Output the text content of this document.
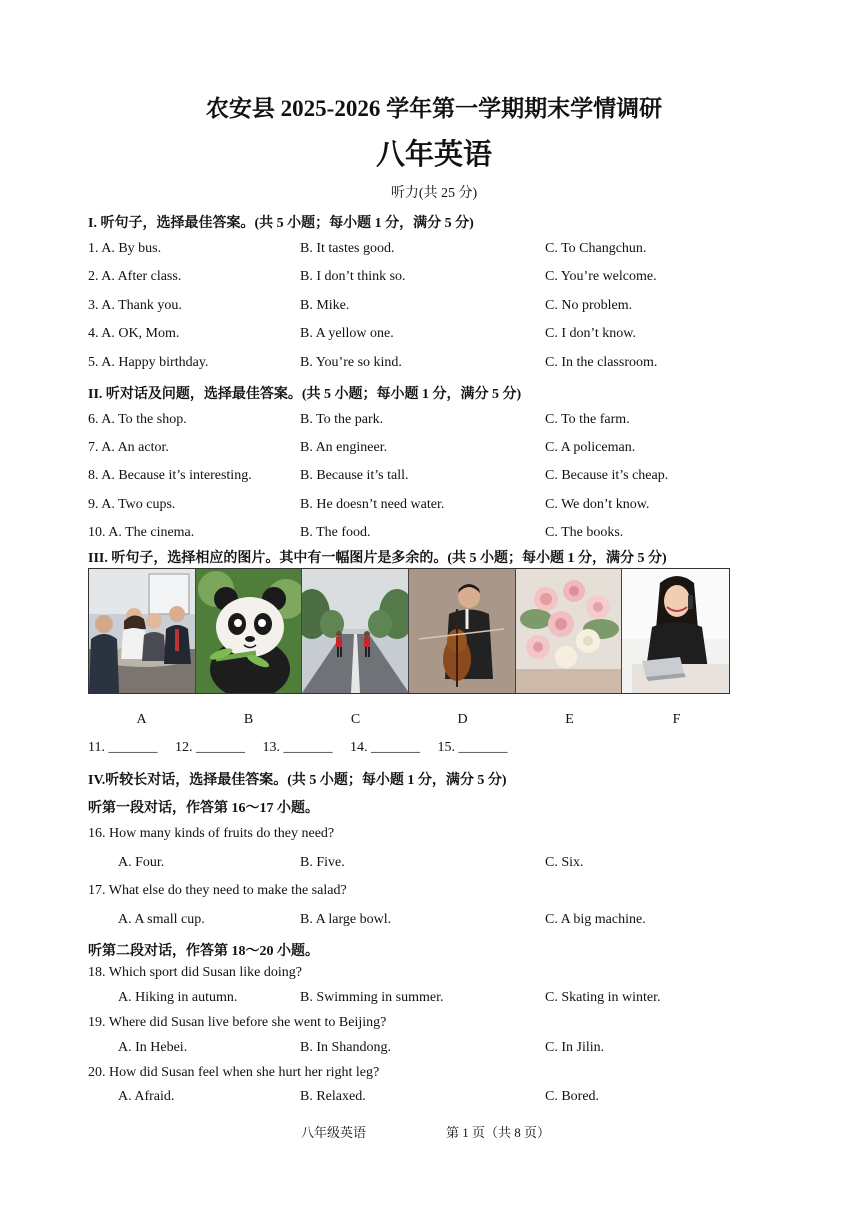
农安县 2025-2026 学年第一学期期末学情调研
八年英语
听力(共 25 分)
I. 听句子，选择最佳答案。(共 5 小题；每小题 1 分，满分 5 分)
1. A. By bus.	B. It tastes good.	C. To Changchun.
2. A. After class.	B. I don’t think so.	C. You’re welcome.
3. A. Thank you.	B. Mike.	C. No problem.
4. A. OK, Mom.	B. A yellow one.	C. I don’t know.
5. A. Happy birthday.	B. You’re so kind.	C. In the classroom.
II. 听对话及问题，选择最佳答案。(共 5 小题；每小题 1 分，满分 5 分)
6. A. To the shop.	B. To the park.	C. To the farm.
7. A. An actor.	B. An engineer.	C. A policeman.
8. A. Because it’s interesting.	B. Because it’s tall.	C. Because it’s cheap.
9. A. Two cups.	B. He doesn’t need water.	C. We don’t know.
10. A. The cinema.	B. The food.	C. The books.
III. 听句子，选择相应的图片。其中有一幅图片是多余的。(共 5 小题；每小题 1 分，满分 5 分)
A	B	C	D	E	F
11. _______ 12. _______ 13. _______ 14. _______ 15. _______
IV.听较长对话，选择最佳答案。(共 5 小题；每小题 1 分，满分 5 分)
听第一段对话，作答第 16～17 小题。
16. How many kinds of fruits do they need?
A. Four.	B. Five.	C. Six.
17. What else do they need to make the salad?
A. A small cup.	B. A large bowl.	C. A big machine.
听第二段对话，作答第 18～20 小题。
18. Which sport did Susan like doing?
A. Hiking in autumn.	B. Swimming in summer.	C. Skating in winter.
19. Where did Susan live before she went to Beijing?
A. In Hebei.	B. In Shandong.	C. In Jilin.
20. How did Susan feel when she hurt her right leg?
A. Afraid.	B. Relaxed.	C. Bored.
八年级英语	第 1 页（共 8 页）
